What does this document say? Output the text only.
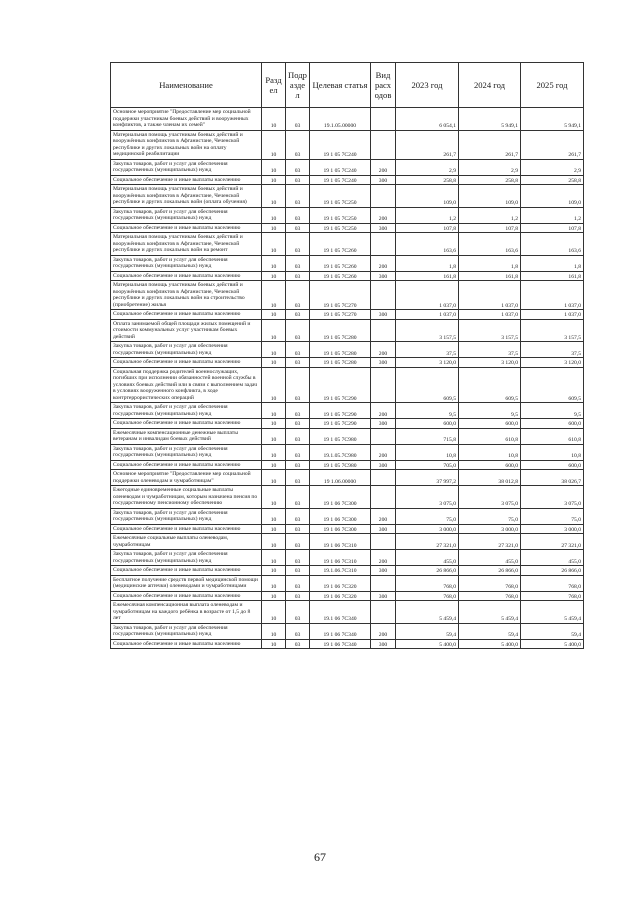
Наименование	Разд ел	Подр азде л	Целевая статья	Вид расх одов	2023 год	2024 год	2025 год
Основное мероприятие "Предоставление мер социальной поддержки участникам боевых действий и вооруженных конфликтов, а также членам их семей"	10	03	19.1.05.00000		6 054,1	5 949,1	5 949,1
Материальная помощь участникам боевых действий и вооружённых конфликтов в Афганистане, Чеченской республике и других локальных войн на оплату медицинской реабилитации	10	03	19 1 05 7С240		261,7	261,7	261,7
Закупка товаров, работ и услуг для обеспечения государственных (муниципальных) нужд	10	03	19 1 05 7С240	200	2,9	2,9	2,9
Социальное обеспечение и иные выплаты населению	10	03	19 1 05 7С240	300	258,8	258,8	258,8
Материальная помощь участникам боевых действий и вооружённых конфликтов в Афганистане, Чеченской республике и других локальных войн (оплата обучения)	10	03	19 1 05 7С250		109,0	109,0	109,0
Закупка товаров, работ и услуг для обеспечения государственных (муниципальных) нужд	10	03	19 1 05 7С250	200	1,2	1,2	1,2
Социальное обеспечение и иные выплаты населению	10	03	19 1 05 7С250	300	107,8	107,8	107,8
Материальная помощь участникам боевых действий и вооружённых конфликтов в Афганистане, Чеченской республике и других локальных войн на ремонт	10	03	19 1 05 7С260		163,6	163,6	163,6
Закупка товаров, работ и услуг для обеспечения государственных (муниципальных) нужд	10	03	19 1 05 7С260	200	1,8	1,8	1,8
Социальное обеспечение и иные выплаты населению	10	03	19 1 05 7С260	300	161,8	161,8	161,8
Материальная помощь участникам боевых действий и вооружённых конфликтов в Афганистане, Чеченской республике и других локальных войн на строительство (приобретение) жилья	10	03	19 1 05 7С270		1 037,0	1 037,0	1 037,0
Социальное обеспечение и иные выплаты населению	10	03	19 1 05 7С270	300	1 037,0	1 037,0	1 037,0
Оплата занимаемой общей площади жилых помещений и стоимости коммунальных услуг участникам боевых действий	10	03	19 1 05 7С280		3 157,5	3 157,5	3 157,5
Закупка товаров, работ и услуг для обеспечения государственных (муниципальных) нужд	10	03	19 1 05 7С280	200	37,5	37,5	37,5
Социальное обеспечение и иные выплаты населению	10	03	19 1 05 7С280	300	3 120,0	3 120,0	3 120,0
Социальная поддержка родителей военнослужащих, погибших при исполнении обязанностей военной службы в условиях боевых действий или в связи с выполнением задач в условиях вооруженного конфликта, в ходе контртеррористических операций	10	03	19 1 05 7С290		609,5	609,5	609,5
Закупка товаров, работ и услуг для обеспечения государственных (муниципальных) нужд	10	03	19 1 05 7С290	200	9,5	9,5	9,5
Социальное обеспечение и иные выплаты населению	10	03	19 1 05 7С290	300	600,0	600,0	600,0
Ежемесячные компенсационные денежные выплаты ветеранам и инвалидам боевых действий	10	03	19 1 05 7С980		715,8	610,8	610,8
Закупка товаров, работ и услуг для обеспечения государственных (муниципальных) нужд	10	03	19.1.05.7С980	200	10,8	10,8	10,8
Социальное обеспечение и иные выплаты населению	10	03	19 1 05 7С980	300	705,0	600,0	600,0
Основное мероприятие "Предоставление мер социальной поддержки оленеводам и чумработницам"	10	03	19 1.06.00000		37 997,2	38 012,8	38 026,7
Ежегодные единовременные социальные выплаты оленеводам и чумработницам, которым назначена пенсия по государственному пенсионному обеспечению	10	03	19 1 06 7С300		3 075,0	3 075,0	3 075,0
Закупка товаров, работ и услуг для обеспечения государственных (муниципальных) нужд	10	03	19 1 06 7С300	200	75,0	75,0	75,0
Социальное обеспечение и иные выплаты населению	10	03	19 1 06 7С300	300	3 000,0	3 000,0	3 000,0
Ежемесячные социальные выплаты оленеводам, чумработницам	10	03	19 1 06 7С310		27 321,0	27 321,0	27 321,0
Закупка товаров, работ и услуг для обеспечения государственных (муниципальных) нужд	10	03	19 1 06 7С310	200	455,0	455,0	455,0
Социальное обеспечение и иные выплаты населению	10	03	19.1.06.7С310	300	26 866,0	26 866,0	26 866,0
Бесплатное получение средств первой медицинской помощи (медицинские аптечки) оленеводами и чумработницами	10	03	19 1 06 7С320		768,0	768,0	768,0
Социальное обеспечение и иные выплаты населению	10	03	19 1 06 7С320	300	768,0	768,0	768,0
Ежемесячная компенсационная выплата оленеводам и чумработницам на каждого ребёнка в возрасте от 1,5 до 8 лет	10	03	19.1 06 7С340		5 459,4	5 459,4	5 459,4
Закупка товаров, работ и услуг для обеспечения государственных (муниципальных) нужд	10	03	19 1 06 7С340	200	59,4	59,4	59,4
Социальное обеспечение и иные выплаты населению	10	03	19 1 06 7С340	300	5 400,0	5 400,0	5 400,0
67
